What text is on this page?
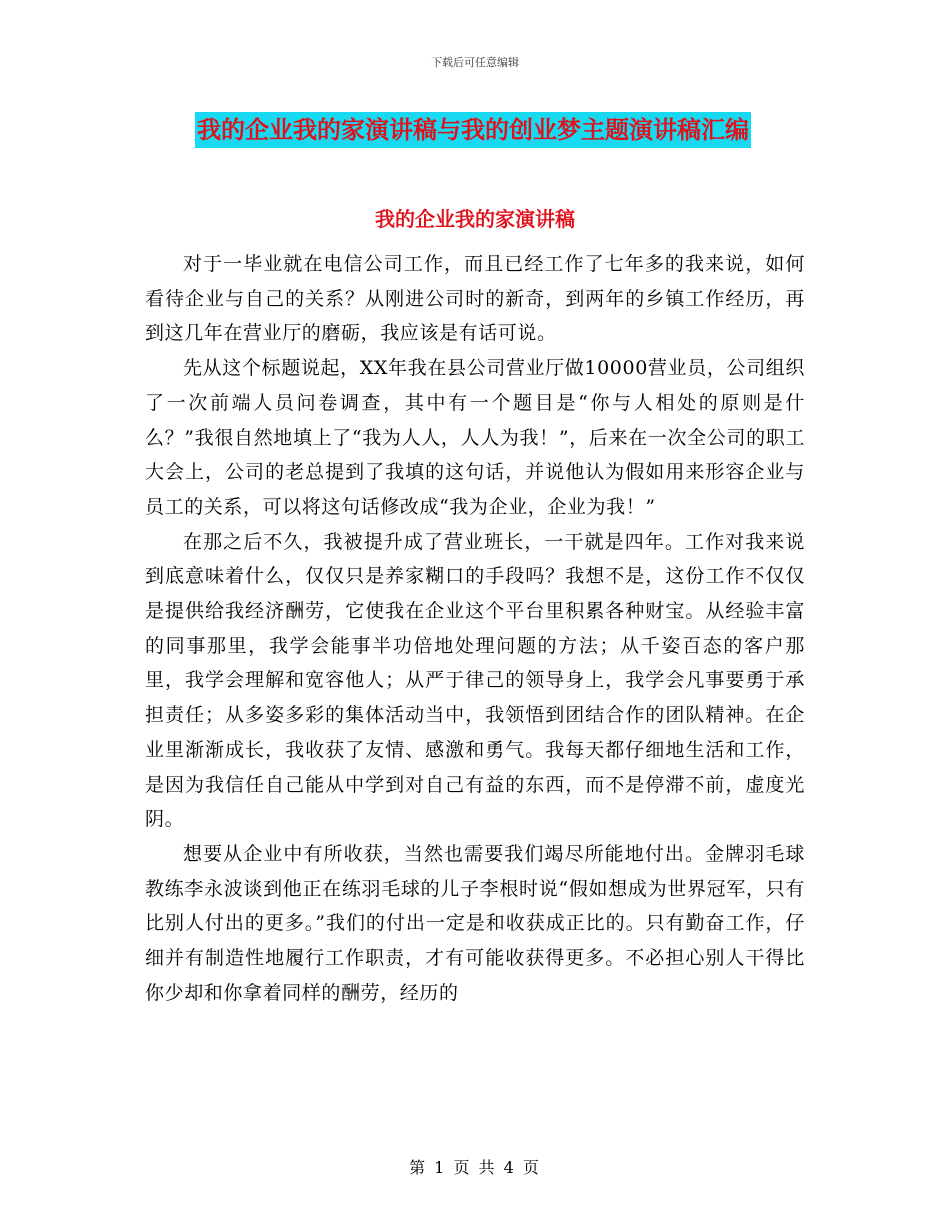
下载后可任意编辑
我的企业我的家演讲稿与我的创业梦主题演讲稿汇编
我的企业我的家演讲稿

对于一毕业就在电信公司工作，而且已经工作了七年多的我来说，如何看待企业与自己的关系？从刚进公司时的新奇，到两年的乡镇工作经历，再到这几年在营业厅的磨砺，我应该是有话可说。

先从这个标题说起，XX年我在县公司营业厅做10000营业员，公司组织了一次前端人员问卷调查，其中有一个题目是“你与人相处的原则是什么？”我很自然地填上了“我为人人，人人为我！”，后来在一次全公司的职工大会上，公司的老总提到了我填的这句话，并说他认为假如用来形容企业与员工的关系，可以将这句话修改成“我为企业，企业为我！”

在那之后不久，我被提升成了营业班长，一干就是四年。工作对我来说到底意味着什么，仅仅只是养家糊口的手段吗？我想不是，这份工作不仅仅是提供给我经济酬劳，它使我在企业这个平台里积累各种财宝。从经验丰富的同事那里，我学会能事半功倍地处理问题的方法；从千姿百态的客户那里，我学会理解和宽容他人；从严于律己的领导身上，我学会凡事要勇于承担责任；从多姿多彩的集体活动当中，我领悟到团结合作的团队精神。在企业里渐渐成长，我收获了友情、感激和勇气。我每天都仔细地生活和工作，是因为我信任自己能从中学到对自己有益的东西，而不是停滞不前，虚度光阴。

想要从企业中有所收获，当然也需要我们竭尽所能地付出。金牌羽毛球教练李永波谈到他正在练羽毛球的儿子李根时说“假如想成为世界冠军，只有比别人付出的更多。”我们的付出一定是和收获成正比的。只有勤奋工作，仔细并有制造性地履行工作职责，才有可能收获得更多。不必担心别人干得比你少却和你拿着同样的酬劳，经历的

第 1 页 共 4 页
